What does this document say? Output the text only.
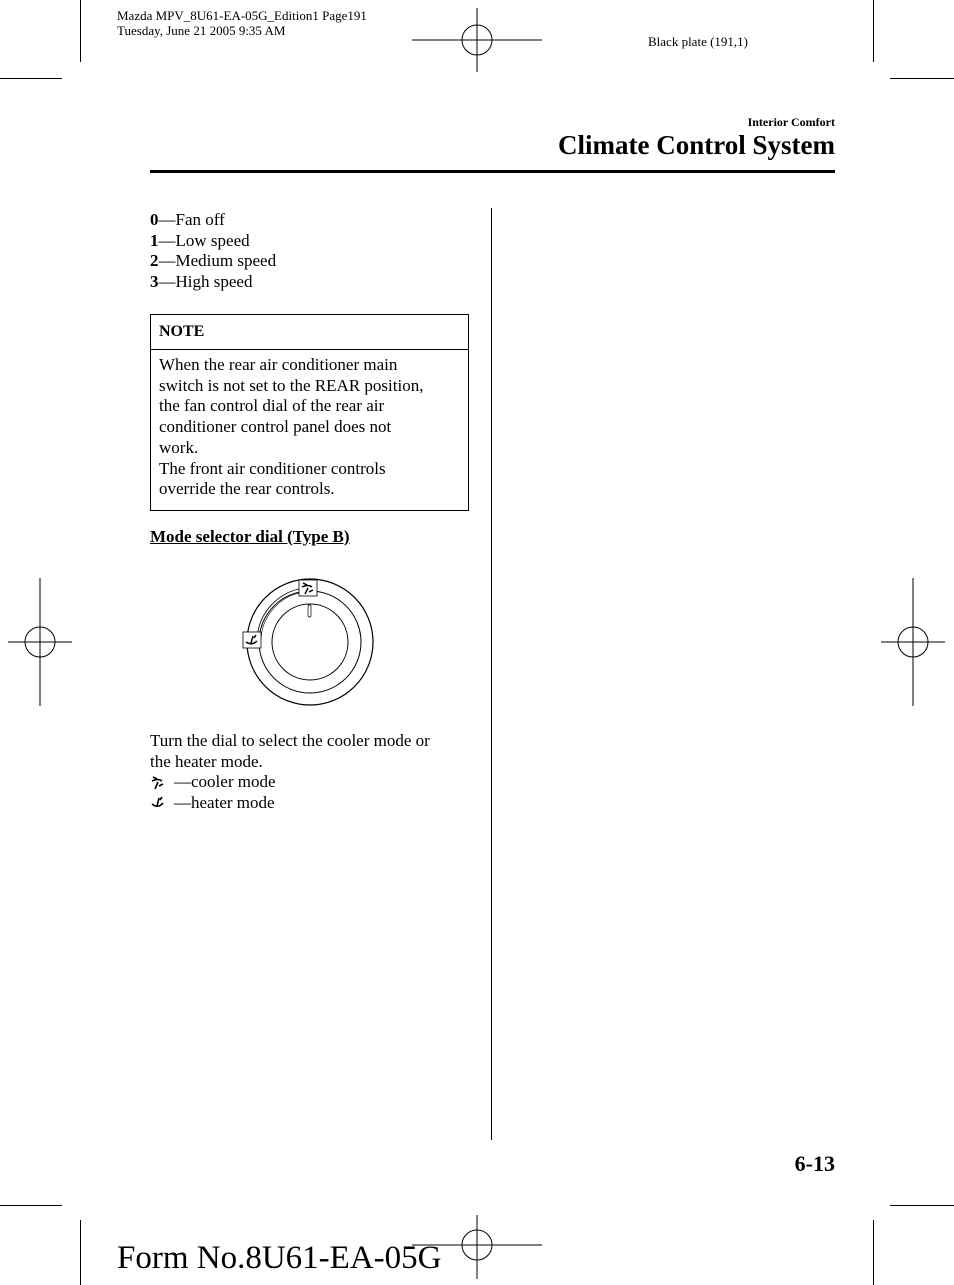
Mazda MPV_8U61-EA-05G_Edition1 Page191
Tuesday, June 21 2005 9:35 AM
Black plate (191,1)
Interior Comfort
Climate Control System
0—Fan off
1—Low speed
2—Medium speed
3—High speed
NOTE
When the rear air conditioner main
switch is not set to the REAR position,
the fan control dial of the rear air
conditioner control panel does not
work.
The front air conditioner controls
override the rear controls.
Mode selector dial (Type B)
Turn the dial to select the cooler mode or
the heater mode.
—cooler mode
—heater mode
6-13
Form No.8U61-EA-05G
